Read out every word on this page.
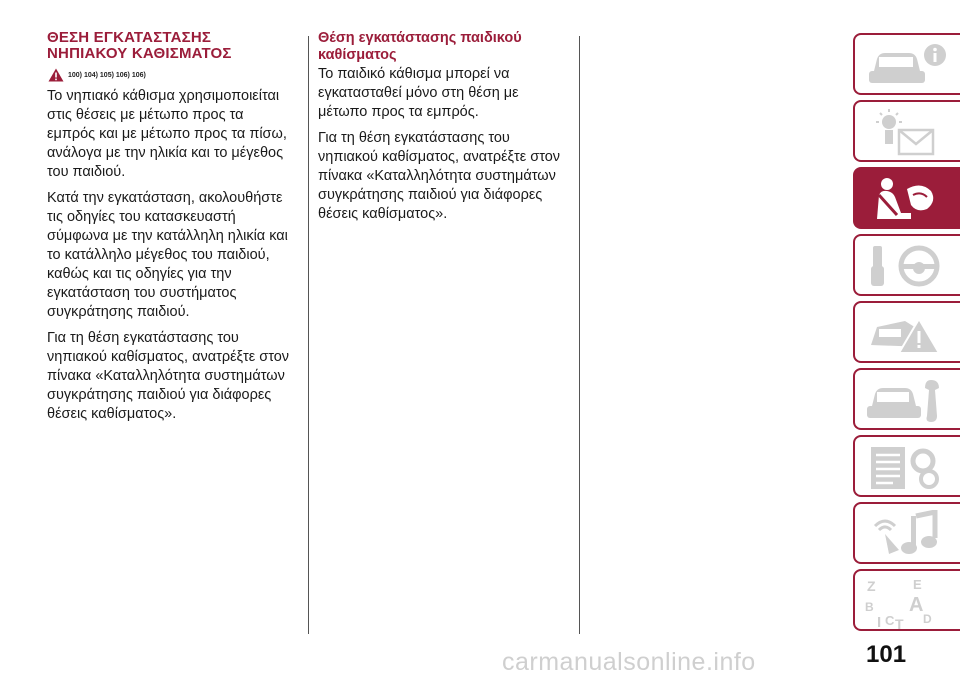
ΘΕΣΗ ΕΓΚΑΤΑΣΤΑΣΗΣ ΝΗΠΙΑΚΟΥ ΚΑΘΙΣΜΑΤΟΣ
100) 104) 105) 106) 106)

Το νηπιακό κάθισμα χρησιμοποιείται στις θέσεις με μέτωπο προς τα εμπρός και με μέτωπο προς τα πίσω, ανάλογα με την ηλικία και το μέγεθος του παιδιού.

Κατά την εγκατάσταση, ακολουθήστε τις οδηγίες του κατασκευαστή σύμφωνα με την κατάλληλη ηλικία και το κατάλληλο μέγεθος του παιδιού, καθώς και τις οδηγίες για την εγκατάσταση του συστήματος συγκράτησης παιδιού.

Για τη θέση εγκατάστασης του νηπιακού καθίσματος, ανατρέξτε στον πίνακα «Καταλληλότητα συστημάτων συγκράτησης παιδιού για διάφορες θέσεις καθίσματος».

Θέση εγκατάστασης παιδικού καθίσματος

Το παιδικό κάθισμα μπορεί να εγκατασταθεί μόνο στη θέση με μέτωπο προς τα εμπρός.

Για τη θέση εγκατάστασης του νηπιακού καθίσματος, ανατρέξτε στον πίνακα «Καταλληλότητα συστημάτων συγκράτησης παιδιού για διάφορες θέσεις καθίσματος».

Z	E
B A
C D
T
I
101
carmanualsonline.info
